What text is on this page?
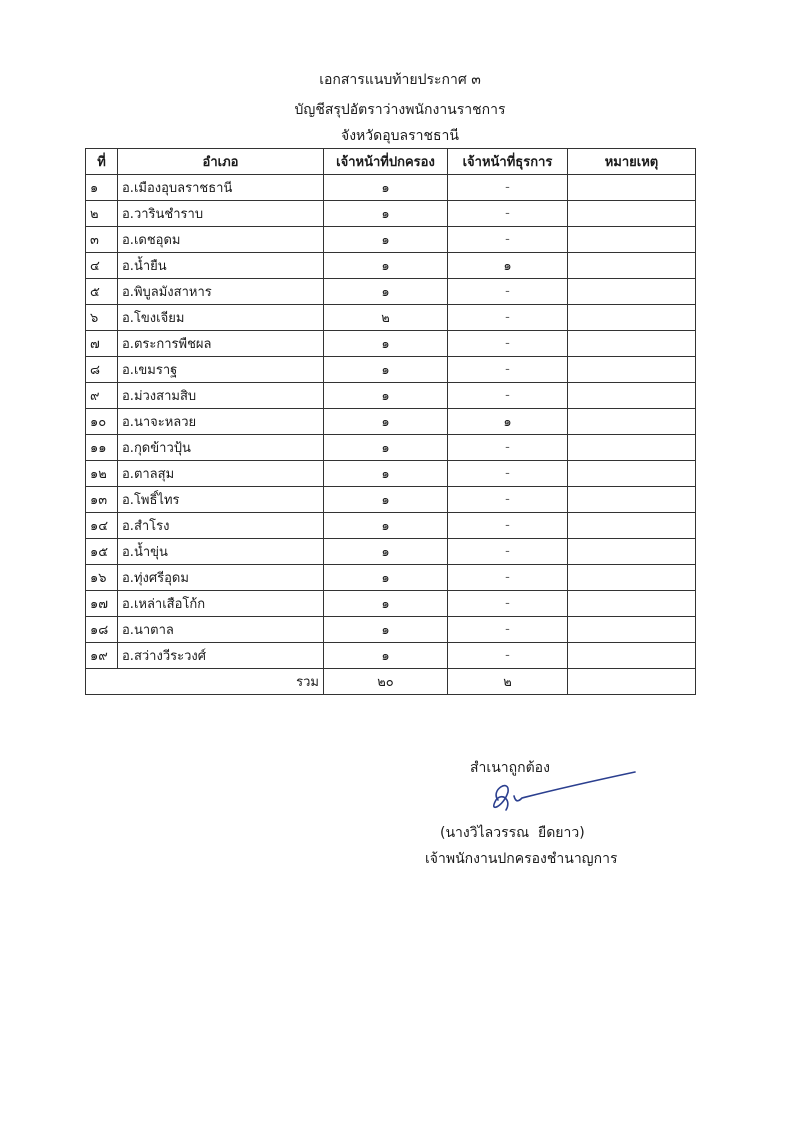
เอกสารแนบท้ายประกาศ ๓
บัญชีสรุปอัตราว่างพนักงานราชการ
จังหวัดอุบลราชธานี
ที่	อำเภอ	เจ้าหน้าที่ปกครอง	เจ้าหน้าที่ธุรการ	หมายเหตุ
๑	อ.เมืองอุบลราชธานี	๑	-	
๒	อ.วารินชำราบ	๑	-	
๓	อ.เดชอุดม	๑	-	
๔	อ.น้ำยืน	๑	๑	
๕	อ.พิบูลมังสาหาร	๑	-	
๖	อ.โขงเจียม	๒	-	
๗	อ.ตระการพืชผล	๑	-	
๘	อ.เขมราฐ	๑	-	
๙	อ.ม่วงสามสิบ	๑	-	
๑๐	อ.นาจะหลวย	๑	๑	
๑๑	อ.กุดข้าวปุ้น	๑	-	
๑๒	อ.ตาลสุม	๑	-	
๑๓	อ.โพธิ์ไทร	๑	-	
๑๔	อ.สำโรง	๑	-	
๑๕	อ.น้ำขุ่น	๑	-	
๑๖	อ.ทุ่งศรีอุดม	๑	-	
๑๗	อ.เหล่าเสือโก้ก	๑	-	
๑๘	อ.นาตาล	๑	-	
๑๙	อ.สว่างวีระวงศ์	๑	-	
รวม		๒๐	๒	
สำเนาถูกต้อง
(นางวิไลวรรณ  ยืดยาว)
เจ้าพนักงานปกครองชำนาญการ
